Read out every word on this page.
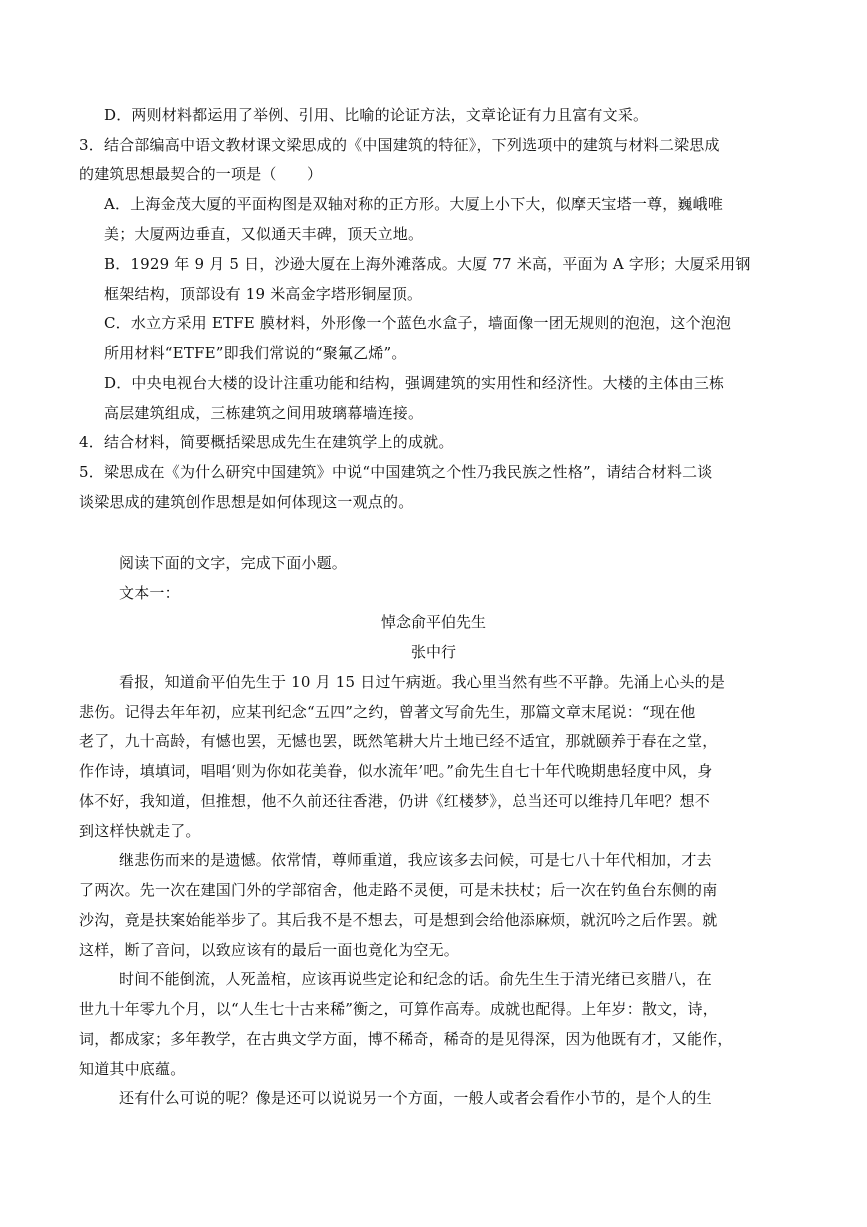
D．两则材料都运用了举例、引用、比喻的论证方法，文章论证有力且富有文采。
3．结合部编高中语文教材课文梁思成的《中国建筑的特征》，下列选项中的建筑与材料二梁思成
的建筑思想最契合的一项是（　　）
A．上海金茂大厦的平面构图是双轴对称的正方形。大厦上小下大，似摩天宝塔一尊，巍峨唯
美；大厦两边垂直，又似通天丰碑，顶天立地。
B．1929 年 9 月 5 日，沙逊大厦在上海外滩落成。大厦 77 米高，平面为 A 字形；大厦采用钢
框架结构，顶部设有 19 米高金字塔形铜屋顶。
C．水立方采用 ETFE 膜材料，外形像一个蓝色水盒子，墙面像一团无规则的泡泡，这个泡泡
所用材料“ETFE”即我们常说的“聚氟乙烯”。
D．中央电视台大楼的设计注重功能和结构，强调建筑的实用性和经济性。大楼的主体由三栋
高层建筑组成，三栋建筑之间用玻璃幕墙连接。
4．结合材料，简要概括梁思成先生在建筑学上的成就。
5．梁思成在《为什么研究中国建筑》中说“中国建筑之个性乃我民族之性格”，请结合材料二谈
谈梁思成的建筑创作思想是如何体现这一观点的。
阅读下面的文字，完成下面小题。
文本一：
悼念俞平伯先生
张中行
看报，知道俞平伯先生于 10 月 15 日过午病逝。我心里当然有些不平静。先涌上心头的是
悲伤。记得去年年初，应某刊纪念“五四”之约，曾著文写俞先生，那篇文章末尾说：“现在他
老了，九十高龄，有憾也罢，无憾也罢，既然笔耕大片土地已经不适宜，那就颐养于春在之堂，
作作诗，填填词，唱唱‘则为你如花美眷，似水流年’吧。”俞先生自七十年代晚期患轻度中风，身
体不好，我知道，但推想，他不久前还往香港，仍讲《红楼梦》，总当还可以维持几年吧？想不
到这样快就走了。
继悲伤而来的是遗憾。依常情，尊师重道，我应该多去问候，可是七八十年代相加，才去
了两次。先一次在建国门外的学部宿舍，他走路不灵便，可是未扶杖；后一次在钓鱼台东侧的南
沙沟，竟是扶案始能举步了。其后我不是不想去，可是想到会给他添麻烦，就沉吟之后作罢。就
这样，断了音问，以致应该有的最后一面也竟化为空无。
时间不能倒流，人死盖棺，应该再说些定论和纪念的话。俞先生生于清光绪已亥腊八，在
世九十年零九个月，以“人生七十古来稀”衡之，可算作高寿。成就也配得。上年岁：散文，诗，
词，都成家；多年教学，在古典文学方面，博不稀奇，稀奇的是见得深，因为他既有才，又能作，
知道其中底蕴。
还有什么可说的呢？像是还可以说说另一个方面，一般人或者会看作小节的，是个人的生
